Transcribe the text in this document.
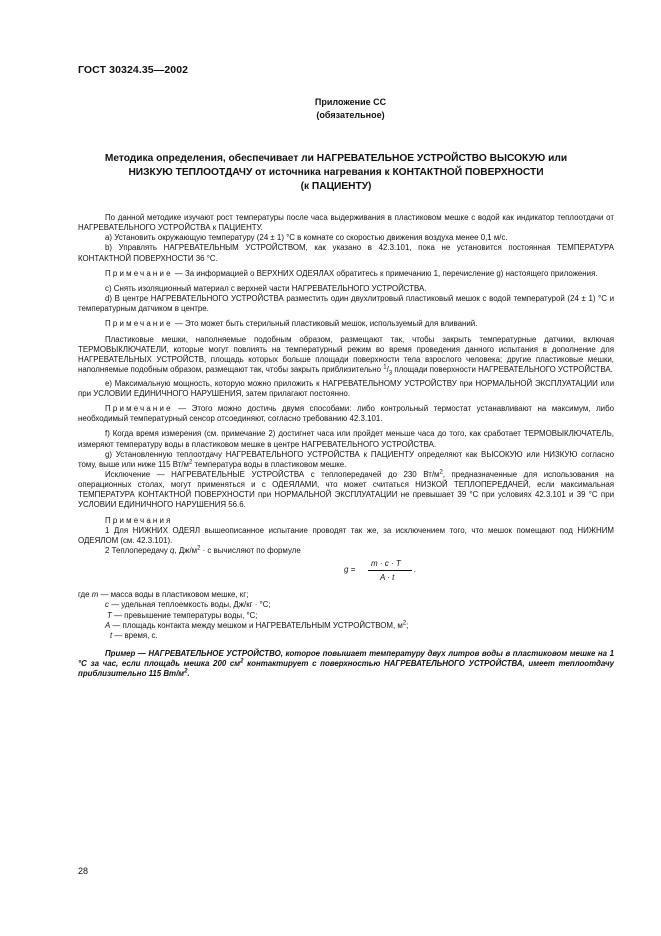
ГОСТ 30324.35—2002
Приложение СС
(обязательное)
Методика определения, обеспечивает ли НАГРЕВАТЕЛЬНОЕ УСТРОЙСТВО ВЫСОКУЮ или
НИЗКУЮ ТЕПЛООТДАЧУ от источника нагревания к КОНТАКТНОЙ ПОВЕРХНОСТИ
(к ПАЦИЕНТУ)

По данной методике изучают рост температуры после часа выдерживания в пластиковом мешке с водой как индикатор теплоотдачи от НАГРЕВАТЕЛЬНОГО УСТРОЙСТВА к ПАЦИЕНТУ.

а) Установить окружающую температуру (24 ± 1) °С в комнате со скоростью движения воздуха менее 0,1 м/с.

b) Управлять НАГРЕВАТЕЛЬНЫМ УСТРОЙСТВОМ, как указано в 42.3.101, пока не установится постоянная ТЕМПЕРАТУРА КОНТАКТНОЙ ПОВЕРХНОСТИ 36 °С.

Примечание — За информацией о ВЕРХНИХ ОДЕЯЛАХ обратитесь к примечанию 1, перечисление g) настоящего приложения.

с) Снять изоляционный материал с верхней части НАГРЕВАТЕЛЬНОГО УСТРОЙСТВА.

d) В центре НАГРЕВАТЕЛЬНОГО УСТРОЙСТВА разместить один двухлитровый пластиковый мешок с водой температурой (24 ± 1) °С и температурным датчиком в центре.

Примечание — Это может быть стерильный пластиковый мешок, используемый для вливаний.

Пластиковые мешки, наполняемые подобным образом, размещают так, чтобы закрыть температурные датчики, включая ТЕРМОВЫКЛЮЧАТЕЛИ, которые могут повлиять на температурный режим во время проведения данного испытания в дополнение для НАГРЕВАТЕЛЬНЫХ УСТРОЙСТВ, площадь которых больше площади поверхности тела взрослого человека; другие пластиковые мешки, наполняемые подобным образом, размещают так, чтобы закрыть приблизительно $^1/_3$ площади поверхности НАГРЕВАТЕЛЬНОГО УСТРОЙСТВА.

е) Максимальную мощность, которую можно приложить к НАГРЕВАТЕЛЬНОМУ УСТРОЙСТВУ при НОРМАЛЬНОЙ ЭКСПЛУАТАЦИИ или при УСЛОВИИ ЕДИНИЧНОГО НАРУШЕНИЯ, затем прилагают постоянно.

Примечание — Этого можно достичь двумя способами: либо контрольный термостат устанавливают на максимум, либо необходимый температурный сенсор отсоединяют, согласно требованию 42.3.101.

f) Когда время измерения (см. примечание 2) достигнет часа или пройдет меньше часа до того, как сработает ТЕРМОВЫКЛЮЧАТЕЛЬ, измеряют температуру воды в пластиковом мешке в центре НАГРЕВАТЕЛЬНОГО УСТРОЙСТВА.

g) Установленную теплоотдачу НАГРЕВАТЕЛЬНОГО УСТРОЙСТВА к ПАЦИЕНТУ определяют как ВЫСОКУЮ или НИЗКУЮ согласно тому, выше или ниже 115 $Вт/м^2$ температура воды в пластиковом мешке.

Исключение — НАГРЕВАТЕЛЬНЫЕ УСТРОЙСТВА с теплопередачей до 230 $Вт/м^2$, предназначенные для использования на операционных столах, могут применяться и с ОДЕЯЛАМИ, что может считаться НИЗКОЙ ТЕПЛОПЕРЕДАЧЕЙ, если максимальная ТЕМПЕРАТУРА КОНТАКТНОЙ ПОВЕРХНОСТИ при НОРМАЛЬНОЙ ЭКСПЛУАТАЦИИ не превышает 39 °С при условиях 42.3.101 и 39 °С при УСЛОВИИ ЕДИНИЧНОГО НАРУШЕНИЯ 56.6.

Примечания

1 Для НИЖНИХ ОДЕЯЛ вышеописанное испытание проводят так же, за исключением того, что мешок помещают под НИЖНИМ ОДЕЯЛОМ (см. 42.3.101).

2 Теплопередачу q, $Дж/м^2 \cdot с$ вычисляют по формуле

g =
m · c · T
A · t
.

где m — масса воды в пластиковом мешке, кг;

с — удельная теплоемкость воды, Дж/кг · °С;

Т — превышение температуры воды, °С;

А — площадь контакта между мешком и НАГРЕВАТЕЛЬНЫМ УСТРОЙСТВОМ, $м^2$;

t — время, с.

Пример — НАГРЕВАТЕЛЬНОЕ УСТРОЙСТВО, которое повышает температуру двух литров воды в пластиковом мешке на 1 °С за час, если площадь мешка 200 $см^2$ контактирует с поверхностью НАГРЕВАТЕЛЬНОГО УСТРОЙСТВА, имеет теплоотдачу приблизительно 115 $Вт/м^2$.

28
